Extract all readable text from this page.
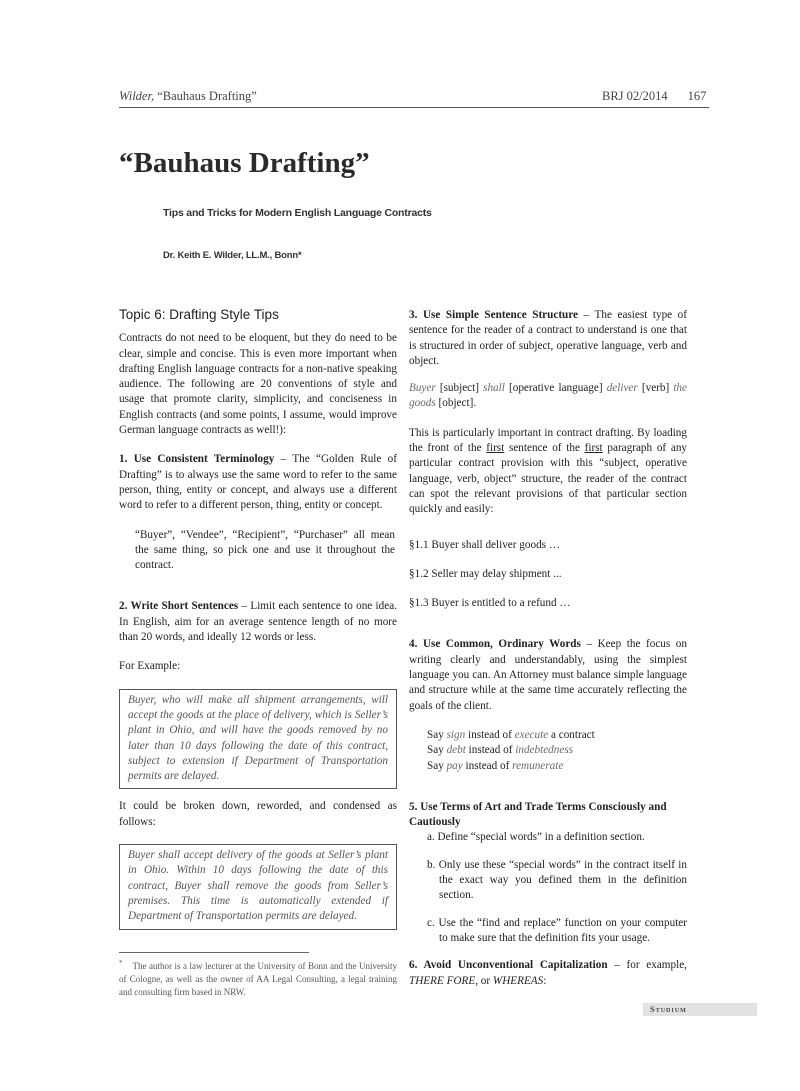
Wilder, “Bauhaus Drafting”	BRJ 02/2014 167
“Bauhaus Drafting”
Tips and Tricks for Modern English Language Contracts
Dr. Keith E. Wilder, LL.M., Bonn*

Topic 6: Drafting Style Tips

Contracts do not need to be eloquent, but they do need to be clear, simple and concise. This is even more important when drafting English language contracts for a non-native speaking audience. The following are 20 conventions of style and usage that promote clarity, simplicity, and conciseness in English contracts (and some points, I assume, would improve German language contracts as well!):

1. Use Consistent Terminology – The “Golden Rule of Drafting” is to always use the same word to refer to the same person, thing, entity or concept, and always use a different word to refer to a different person, thing, entity or concept.

“Buyer”, “Vendee”, “Recipient”, “Purchaser” all mean the same thing, so pick one and use it throughout the contract.

2. Write Short Sentences – Limit each sentence to one idea. In English, aim for an average sentence length of no more than 20 words, and ideally 12 words or less.

For Example:

Buyer, who will make all shipment arrangements, will accept the goods at the place of delivery, which is Seller’s plant in Ohio, and will have the goods removed by no later than 10 days following the date of this contract, subject to extension if Department of Transportation permits are delayed.

It could be broken down, reworded, and condensed as follows:

Buyer shall accept delivery of the goods at Seller’s plant in Ohio. Within 10 days following the date of this contract, Buyer shall remove the goods from Seller’s premises. This time is automatically extended if Department of Transportation permits are delayed.

* The author is a law lecturer at the University of Bonn and the University of Cologne, as well as the owner of AA Legal Consulting, a legal training and consulting firm based in NRW.

3. Use Simple Sentence Structure – The easiest type of sentence for the reader of a contract to understand is one that is structured in order of subject, operative language, verb and object.

Buyer [subject] shall [operative language] deliver [verb] the goods [object].

This is particularly important in contract drafting. By loading the front of the first sentence of the first paragraph of any particular contract provision with this “subject, operative language, verb, object” structure, the reader of the contract can spot the relevant provisions of that particular section quickly and easily:

§1.1 Buyer shall deliver goods …

§1.2 Seller may delay shipment ...

§1.3 Buyer is entitled to a refund …

4. Use Common, Ordinary Words – Keep the focus on writing clearly and understandably, using the simplest language you can. An Attorney must balance simple language and structure while at the same time accurately reflecting the goals of the client.

Say sign instead of execute a contract

Say debt instead of indebtedness

Say pay instead of remunerate

5. Use Terms of Art and Trade Terms Consciously and Cautiously

a. Define “special words” in a definition section.

b. Only use these “special words” in the contract itself in the exact way you defined them in the definition section.

c. Use the “find and replace” function on your computer to make sure that the definition fits your usage.

6. Avoid Unconventional Capitalization – for example, THERE FORE, or WHEREAS:

Studium
